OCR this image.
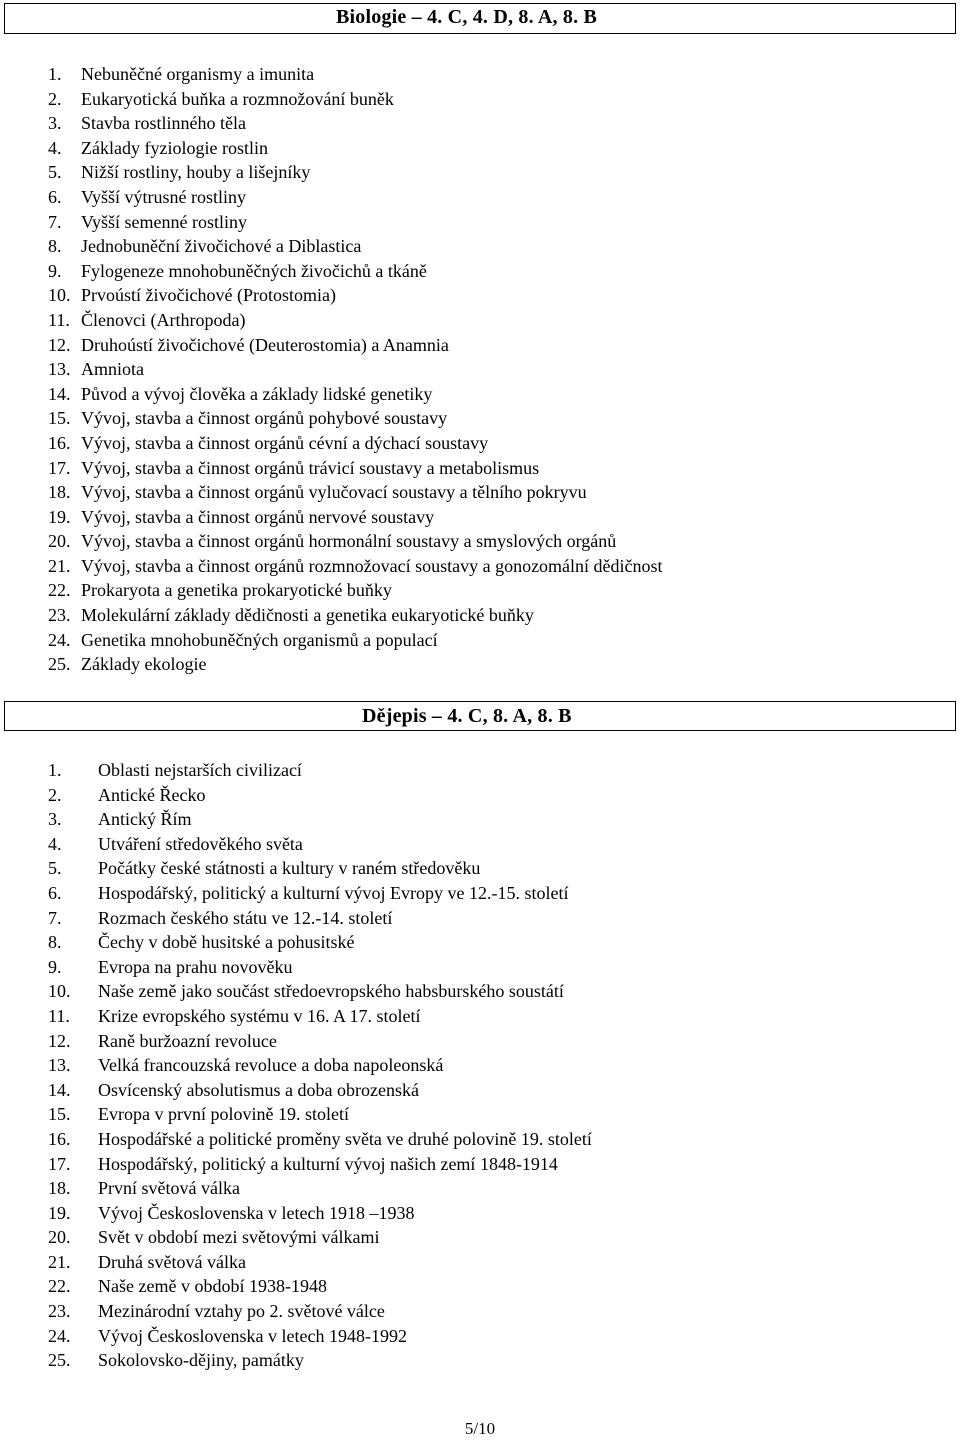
Biologie – 4. C, 4. D, 8. A, 8. B
1.	Nebuněčné organismy a imunita
2.	Eukaryotická buňka a rozmnožování buněk
3.	Stavba rostlinného těla
4.	Základy fyziologie rostlin
5.	Nižší rostliny, houby a lišejníky
6.	Vyšší výtrusné rostliny
7.	Vyšší semenné rostliny
8.	Jednobuněční živočichové a Diblastica
9.	Fylogeneze mnohobuněčných živočichů a tkáně
10. Prvoústí živočichové (Protostomia)
11. Členovci (Arthropoda)
12. Druhoústí živočichové (Deuterostomia) a Anamnia
13. Amniota
14. Původ a vývoj člověka a základy lidské genetiky
15. Vývoj, stavba a činnost orgánů pohybové soustavy
16. Vývoj, stavba a činnost orgánů cévní a dýchací soustavy
17. Vývoj, stavba a činnost orgánů trávicí soustavy a metabolismus
18. Vývoj, stavba a činnost orgánů vylučovací soustavy a tělního pokryvu
19. Vývoj, stavba a činnost orgánů nervové soustavy
20. Vývoj, stavba a činnost orgánů hormonální soustavy a smyslových orgánů
21. Vývoj, stavba a činnost orgánů rozmnožovací soustavy a gonozomální dědičnost
22. Prokaryota a genetika prokaryotické buňky
23. Molekulární základy dědičnosti a genetika eukaryotické buňky
24. Genetika mnohobuněčných organismů a populací
25. Základy ekologie
Dějepis – 4. C, 8. A, 8. B
1.	Oblasti nejstarších civilizací
2.	Antické Řecko
3.	Antický Řím
4.	Utváření středověkého světa
5.	Počátky české státnosti a kultury v raném středověku
6.	Hospodářský, politický a kulturní vývoj Evropy ve 12.-15. století
7.	Rozmach českého státu ve 12.-14. století
8.	Čechy v době husitské a pohusitské
9.	Evropa na prahu novověku
10.	Naše země jako součást středoevropského habsburského soustátí
11.	Krize evropského systému v 16. A 17. století
12.	Raně buržoazní revoluce
13.	Velká francouzská revoluce a doba napoleonská
14.	Osvícenský absolutismus a doba obrozenská
15.	Evropa v první polovině 19. století
16.	Hospodářské a politické proměny světa ve druhé polovině 19. století
17.	Hospodářský, politický a kulturní vývoj našich zemí 1848-1914
18.	První světová válka
19.	Vývoj Československa v letech 1918 –1938
20.	Svět v období mezi světovými válkami
21.	Druhá světová válka
22.	Naše země v období 1938-1948
23.	Mezinárodní vztahy po 2. světové válce
24.	Vývoj Československa v letech 1948-1992
25.	Sokolovsko-dějiny, památky
5/10
